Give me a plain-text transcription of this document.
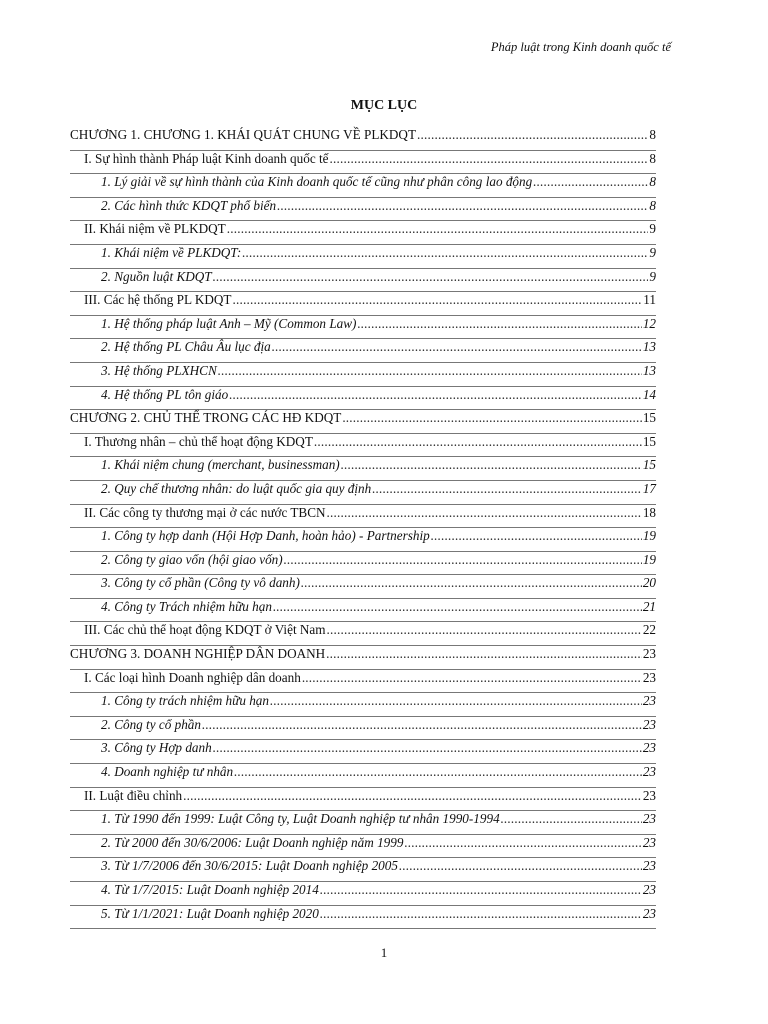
Pháp luật trong Kinh doanh quốc tế
MỤC LỤC
CHƯƠNG 1. CHƯƠNG 1. KHÁI QUÁT CHUNG VỀ PLKDQT .....	8
I. Sự hình thành Pháp luật Kinh doanh quốc tế .....	8
1. Lý giải về sự hình thành của Kinh doanh quốc tế cũng như phân công lao động .....	8
2. Các hình thức KDQT phổ biến .....	8
II. Khái niệm về PLKDQT .....	9
1. Khái niệm về PLKDQT: .....	9
2. Nguồn luật KDQT .....	9
III. Các hệ thống PL KDQT .....	11
1. Hệ thống pháp luật Anh – Mỹ (Common Law) .....	12
2. Hệ thống PL Châu Âu lục địa .....	13
3. Hệ thống PLXHCN .....	13
4. Hệ thống PL tôn giáo .....	14
CHƯƠNG 2. CHỦ THỂ TRONG CÁC HĐ KDQT .....	15
I. Thương nhân – chủ thể hoạt động KDQT .....	15
1. Khái niệm chung (merchant, businessman) .....	15
2. Quy chế thương nhân: do luật quốc gia quy định .....	17
II. Các công ty thương mại ở các nước TBCN .....	18
1. Công ty hợp danh (Hội Hợp Danh, hoàn hảo) - Partnership .....	19
2. Công ty giao vốn (hội giao vốn) .....	19
3. Công ty cổ phần (Công ty vô danh) .....	20
4. Công ty Trách nhiệm hữu hạn .....	21
III. Các chủ thể hoạt động KDQT ở Việt Nam .....	22
CHƯƠNG 3. DOANH NGHIỆP DÂN DOANH .....	23
I. Các loại hình Doanh nghiệp dân doanh .....	23
1. Công ty trách nhiệm hữu hạn .....	23
2. Công ty cổ phần .....	23
3. Công ty Hợp danh .....	23
4. Doanh nghiệp tư nhân .....	23
II. Luật điều chỉnh .....	23
1. Từ 1990 đến 1999: Luật Công ty, Luật Doanh nghiệp tư nhân 1990-1994 .....	23
2. Từ 2000 đến 30/6/2006: Luật Doanh nghiệp năm 1999 .....	23
3. Từ 1/7/2006 đến 30/6/2015: Luật Doanh nghiệp 2005 .....	23
4. Từ 1/7/2015: Luật Doanh nghiệp 2014 .....	23
5. Từ 1/1/2021: Luật Doanh nghiệp 2020 .....	23
1
